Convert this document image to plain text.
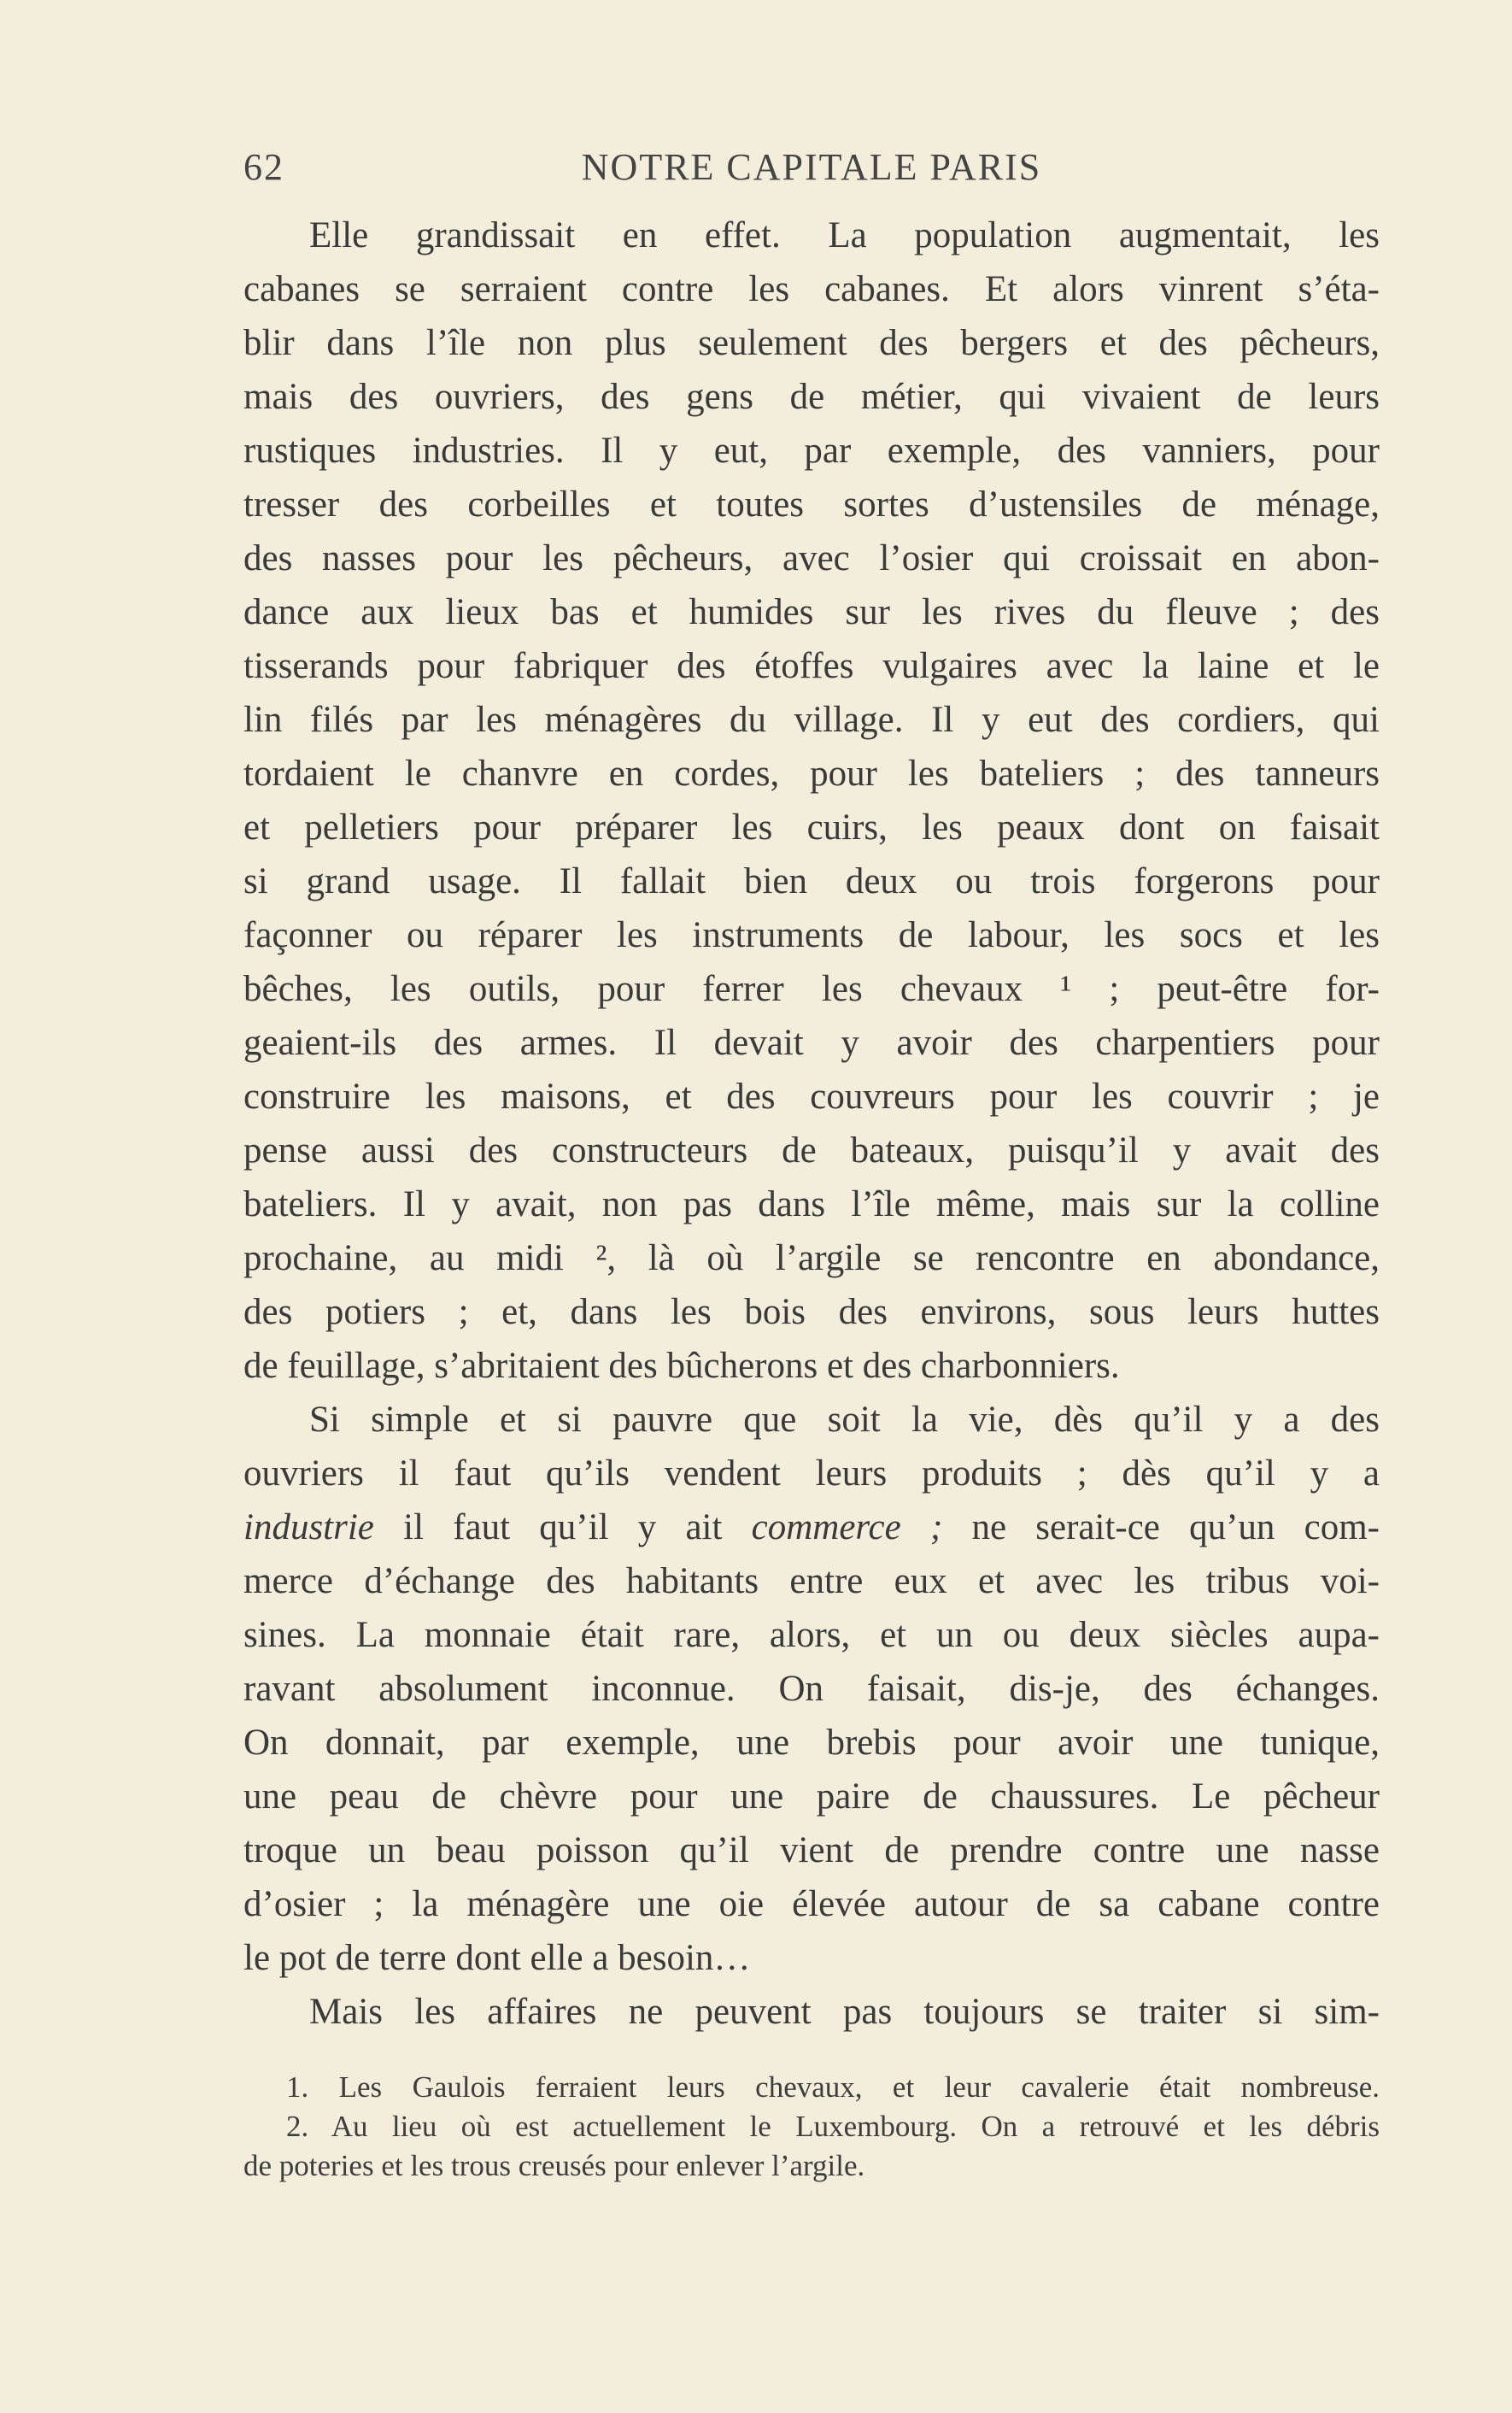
62	NOTRE CAPITALE PARIS
Elle grandissait en effet. La population augmentait, les
cabanes se serraient contre les cabanes. Et alors vinrent s’éta-
blir dans l’île non plus seulement des bergers et des pêcheurs,
mais des ouvriers, des gens de métier, qui vivaient de leurs
rustiques industries. Il y eut, par exemple, des vanniers, pour
tresser des corbeilles et toutes sortes d’ustensiles de ménage,
des nasses pour les pêcheurs, avec l’osier qui croissait en abon-
dance aux lieux bas et humides sur les rives du fleuve ; des
tisserands pour fabriquer des étoffes vulgaires avec la laine et le
lin filés par les ménagères du village. Il y eut des cordiers, qui
tordaient le chanvre en cordes, pour les bateliers ; des tanneurs
et pelletiers pour préparer les cuirs, les peaux dont on faisait
si grand usage. Il fallait bien deux ou trois forgerons pour
façonner ou réparer les instruments de labour, les socs et les
bêches, les outils, pour ferrer les chevaux ¹ ; peut-être for-
geaient-ils des armes. Il devait y avoir des charpentiers pour
construire les maisons, et des couvreurs pour les couvrir ; je
pense aussi des constructeurs de bateaux, puisqu’il y avait des
bateliers. Il y avait, non pas dans l’île même, mais sur la colline
prochaine, au midi ², là où l’argile se rencontre en abondance,
des potiers ; et, dans les bois des environs, sous leurs huttes
de feuillage, s’abritaient des bûcherons et des charbonniers.
Si simple et si pauvre que soit la vie, dès qu’il y a des
ouvriers il faut qu’ils vendent leurs produits ; dès qu’il y a
industrie il faut qu’il y ait commerce ; ne serait-ce qu’un com-
merce d’échange des habitants entre eux et avec les tribus voi-
sines. La monnaie était rare, alors, et un ou deux siècles aupa-
ravant absolument inconnue. On faisait, dis-je, des échanges.
On donnait, par exemple, une brebis pour avoir une tunique,
une peau de chèvre pour une paire de chaussures. Le pêcheur
troque un beau poisson qu’il vient de prendre contre une nasse
d’osier ; la ménagère une oie élevée autour de sa cabane contre
le pot de terre dont elle a besoin…
Mais les affaires ne peuvent pas toujours se traiter si sim-
1. Les Gaulois ferraient leurs chevaux, et leur cavalerie était nombreuse.
2. Au lieu où est actuellement le Luxembourg. On a retrouvé et les débris
de poteries et les trous creusés pour enlever l’argile.
